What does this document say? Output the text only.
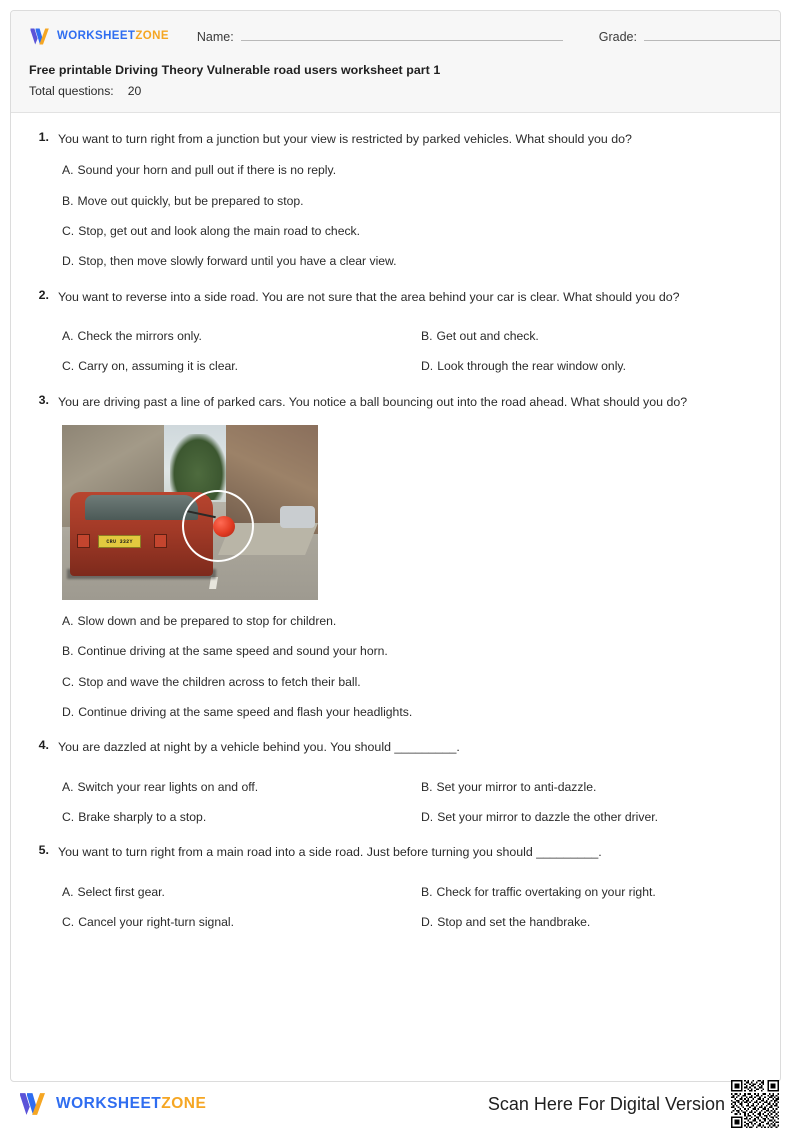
WORKSHEETZONE Name:	Grade:
Free printable Driving Theory Vulnerable road users worksheet part 1
Total questions: 20
1. You want to turn right from a junction but your view is restricted by parked vehicles. What should you do?
A. Sound your horn and pull out if there is no reply.
B. Move out quickly, but be prepared to stop.
C. Stop, get out and look along the main road to check.
D. Stop, then move slowly forward until you have a clear view.
2. You want to reverse into a side road. You are not sure that the area behind your car is clear. What should you do?
A. Check the mirrors only.	B. Get out and check.
C. Carry on, assuming it is clear.	D. Look through the rear window only.
3. You are driving past a line of parked cars. You notice a ball bouncing out into the road ahead. What should you do?
CRU 332Y
A. Slow down and be prepared to stop for children.
B. Continue driving at the same speed and sound your horn.
C. Stop and wave the children across to fetch their ball.
D. Continue driving at the same speed and flash your headlights.
4. You are dazzled at night by a vehicle behind you. You should _________.
A. Switch your rear lights on and off.	B. Set your mirror to anti-dazzle.
C. Brake sharply to a stop.	D. Set your mirror to dazzle the other driver.
5. You want to turn right from a main road into a side road. Just before turning you should _________.
A. Select first gear.	B. Check for traffic overtaking on your right.
C. Cancel your right-turn signal.	D. Stop and set the handbrake.
WORKSHEETZONE	Scan Here For Digital Version
